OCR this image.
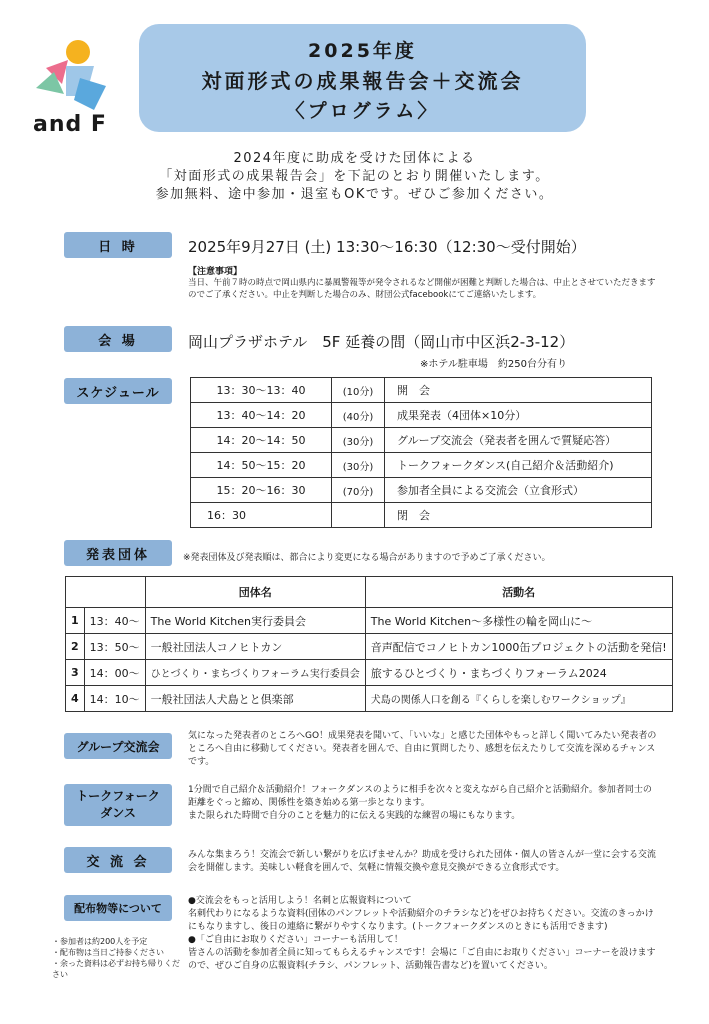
and F
2025年度
対面形式の成果報告会＋交流会
〈プログラム〉
2024年度に助成を受けた団体による
「対面形式の成果報告会」を下記のとおり開催いたします。
参加無料、途中参加・退室もOKです。ぜひご参加ください。
日 時	2025年9月27日 (土) 13:30～16:30（12:30～受付開始）
【注意事項】
当日、午前７時の時点で岡山県内に暴風警報等が発令されるなど開催が困難と判断した場合は、中止とさせていただきますのでご了承ください。中止を判断した場合のみ、財団公式facebookにてご連絡いたします。
会 場	岡山プラザホテル　5F 延養の間（岡山市中区浜2-3-12）
※ホテル駐車場　約250台分有り
スケジュール	13：30～13：40	(10分)	開　会
13：40～14：20	(40分)	成果発表（4団体×10分）
14：20～14：50	(30分)	グループ交流会（発表者を囲んで質疑応答）
14：50～15：20	(30分)	トークフォークダンス(自己紹介＆活動紹介)
15：20～16：30	(70分)	参加者全員による交流会（立食形式）
16：30		閉　会
発表団体	※発表団体及び発表順は、都合により変更になる場合がありますので予めご了承ください。
		団体名	活動名
1	13：40～	The World Kitchen実行委員会	The World Kitchen～多様性の輪を岡山に～
2	13：50～	一般社団法人コノヒトカン	音声配信でコノヒトカン1000缶プロジェクトの活動を発信!
3	14：00～	ひとづくり・まちづくりフォーラム実行委員会	旅するひとづくり・まちづくりフォーラム2024
4	14：10～	一般社団法人犬島とと倶楽部	犬島の関係人口を創る『くらしを楽しむワークショップ』
グループ交流会
気になった発表者のところへGO！成果発表を聞いて、「いいな」と感じた団体やもっと詳しく聞いてみたい発表者のところへ自由に移動してください。発表者を囲んで、自由に質問したり、感想を伝えたりして交流を深めるチャンスです。
トークフォーク
ダンス
1分間で自己紹介＆活動紹介！フォークダンスのように相手を次々と変えながら自己紹介と活動紹介。参加者同士の距離をぐっと縮め、関係性を築き始める第一歩となります。
また限られた時間で自分のことを魅力的に伝える実践的な練習の場にもなります。
交 流 会	みんな集まろう！交流会で新しい繋がりを広げませんか？助成を受けられた団体・個人の皆さんが一堂に会する交流会を開催します。美味しい軽食を囲んで、気軽に情報交換や意見交換ができる立食形式です。
配布物等について
●交流会をもっと活用しよう！名刺と広報資料について
名刺代わりになるような資料(団体のパンフレットや活動紹介のチラシなど)をぜひお持ちください。交流のきっかけにもなりますし、後日の連絡に繋がりやすくなります。(トークフォークダンスのときにも活用できます)
●「ご自由にお取りください」コーナーも活用して！
皆さんの活動を参加者全員に知ってもらえるチャンスです！会場に「ご自由にお取りください」コーナーを設けますので、ぜひご自身の広報資料(チラシ、パンフレット、活動報告書など)を置いてください。
・参加者は約200人を予定
・配布物は当日ご持参ください
・余った資料は必ずお持ち帰りください
